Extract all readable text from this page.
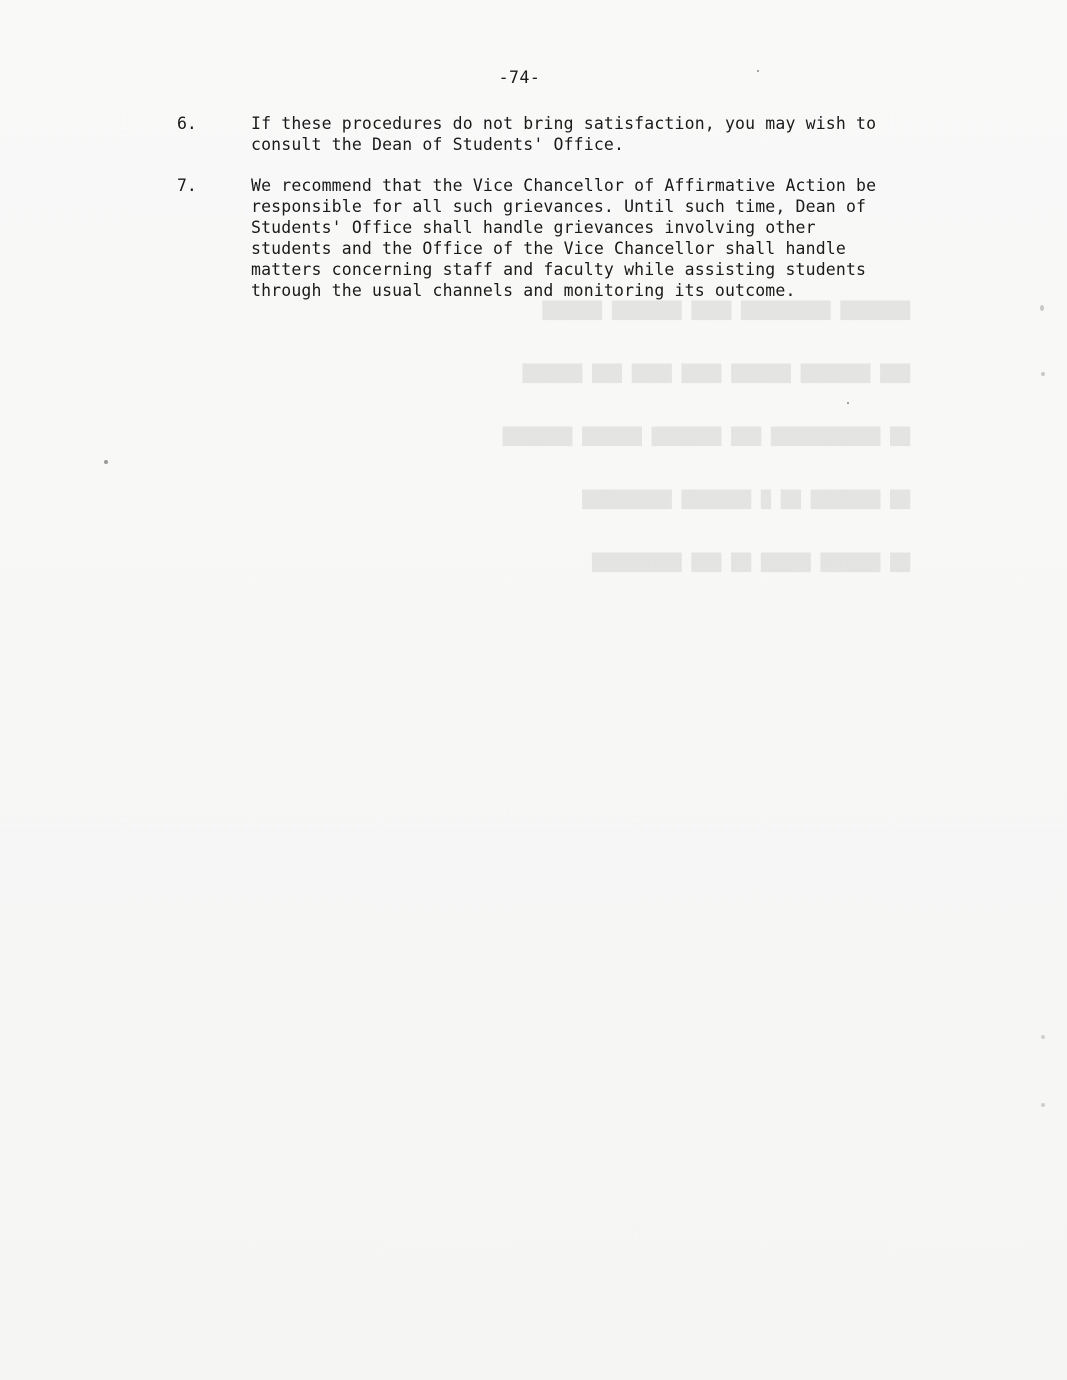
███████ █████████ ████ ███████ ██████

███ ███████ ██████ ████ ████ ███ ██████

██ ███████████ ███ ███████ ██████ ███████

██ ███████ ██ █ ███████ █████████

██ ██████ █████ ██ ███ █████████

-74-
6.	If these procedures do not bring satisfaction, you may wish to
consult the Dean of Students' Office.
7.	We recommend that the Vice Chancellor of Affirmative Action be
responsible for all such grievances. Until such time, Dean of
Students' Office shall handle grievances involving other
students and the Office of the Vice Chancellor shall handle
matters concerning staff and faculty while assisting students
through the usual channels and monitoring its outcome.
